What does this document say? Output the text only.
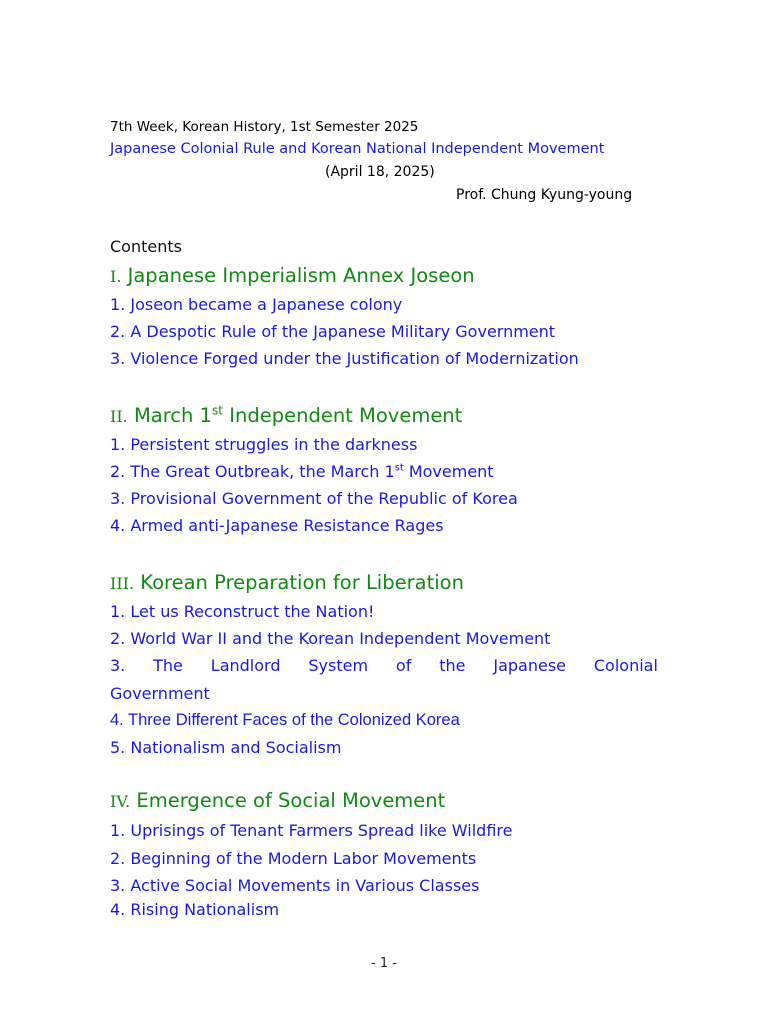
7th Week, Korean History, 1st Semester 2025
Japanese Colonial Rule and Korean National Independent Movement
(April 18, 2025)
Prof. Chung Kyung-young
Contents
I. Japanese Imperialism Annex Joseon
1. Joseon became a Japanese colony
2. A Despotic Rule of the Japanese Military Government
3. Violence Forged under the Justification of Modernization
II. March 1st Independent Movement
1. Persistent struggles in the darkness
2. The Great Outbreak, the March 1st Movement
3. Provisional Government of the Republic of Korea
4. Armed anti-Japanese Resistance Rages
III. Korean Preparation for Liberation
1. Let us Reconstruct the Nation!
2. World War II and the Korean Independent Movement
3. The Landlord System of the Japanese Colonial
Government
4. Three Different Faces of the Colonized Korea
5. Nationalism and Socialism
IV. Emergence of Social Movement
1. Uprisings of Tenant Farmers Spread like Wildfire
2. Beginning of the Modern Labor Movements
3. Active Social Movements in Various Classes
4. Rising Nationalism
- 1 -
